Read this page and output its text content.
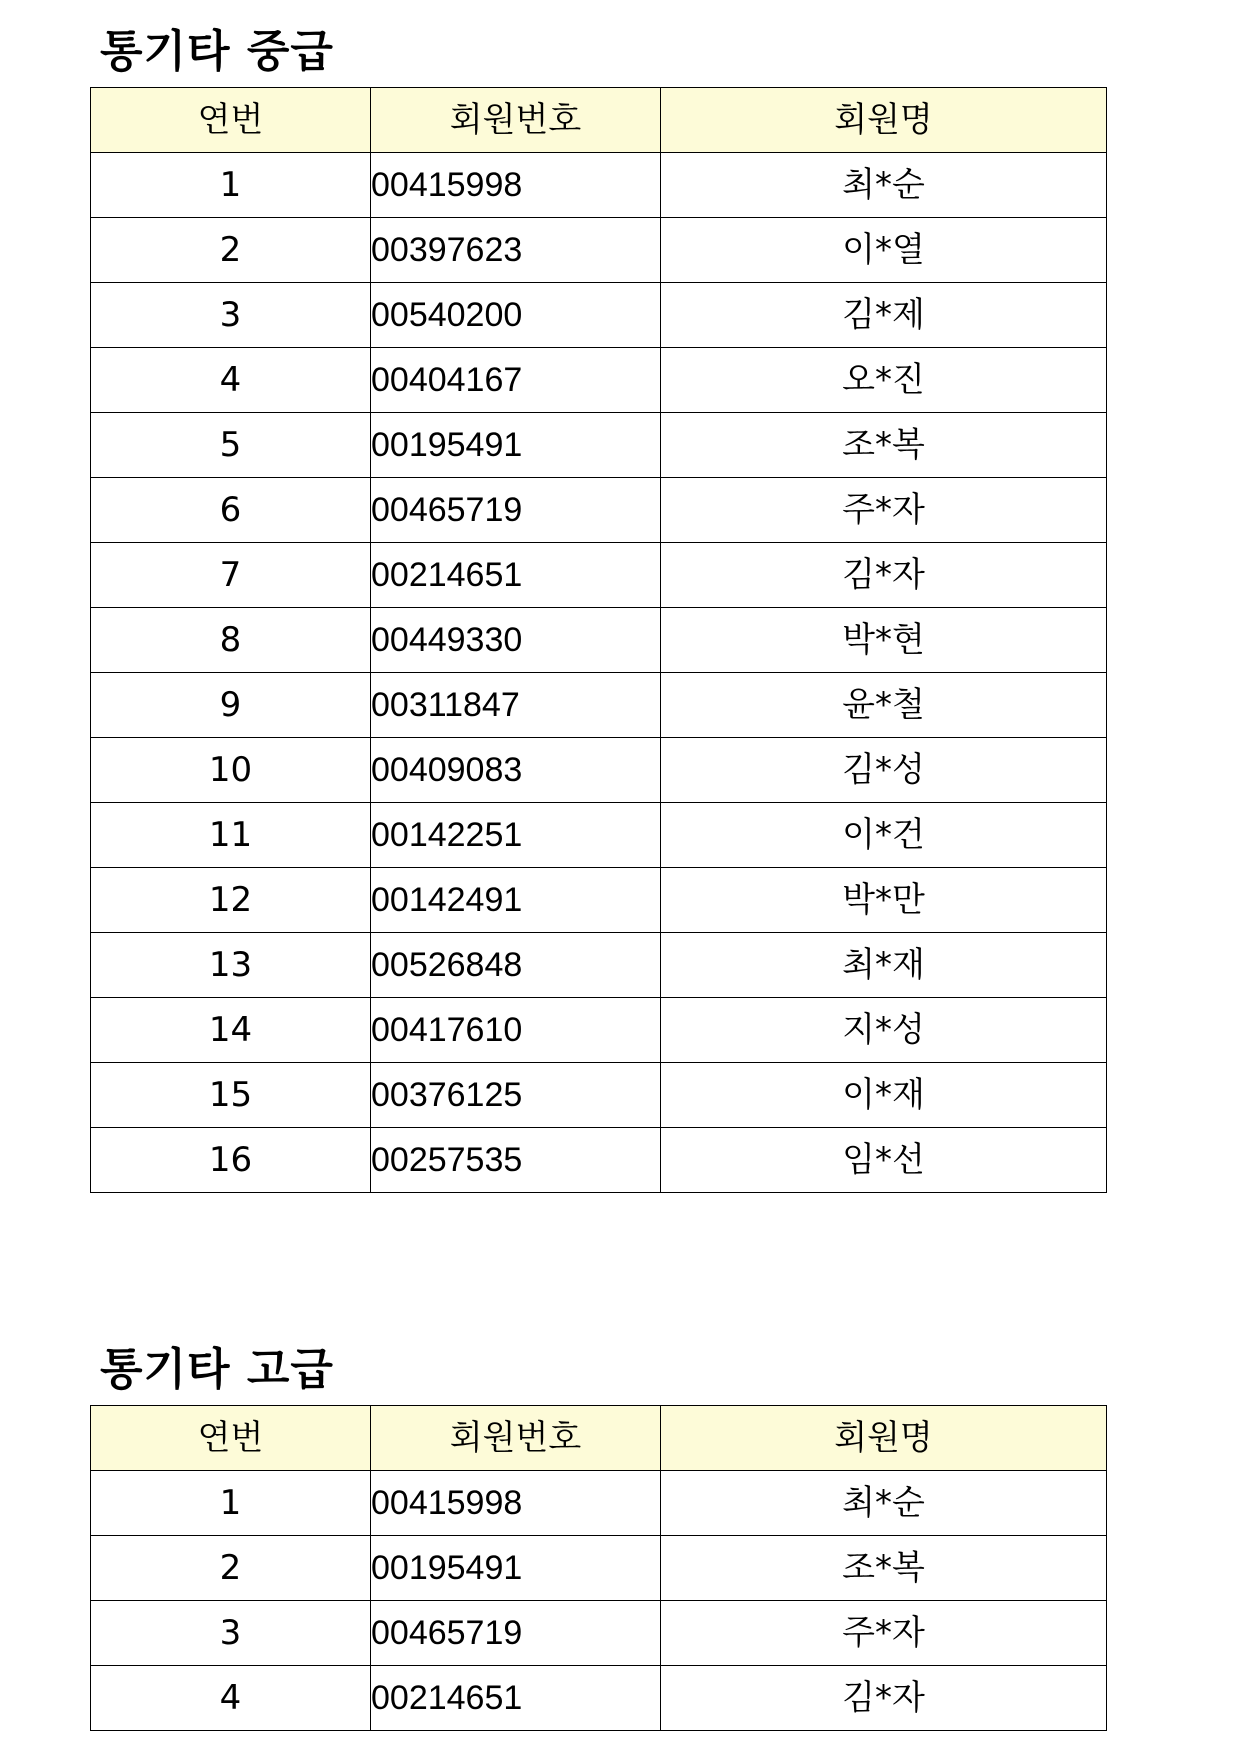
통기타 중급
연번	회원번호	회원명
1	00415998	최*순
2	00397623	이*열
3	00540200	김*제
4	00404167	오*진
5	00195491	조*복
6	00465719	주*자
7	00214651	김*자
8	00449330	박*현
9	00311847	윤*철
10	00409083	김*성
11	00142251	이*건
12	00142491	박*만
13	00526848	최*재
14	00417610	지*성
15	00376125	이*재
16	00257535	임*선
통기타 고급
연번	회원번호	회원명
1	00415998	최*순
2	00195491	조*복
3	00465719	주*자
4	00214651	김*자
